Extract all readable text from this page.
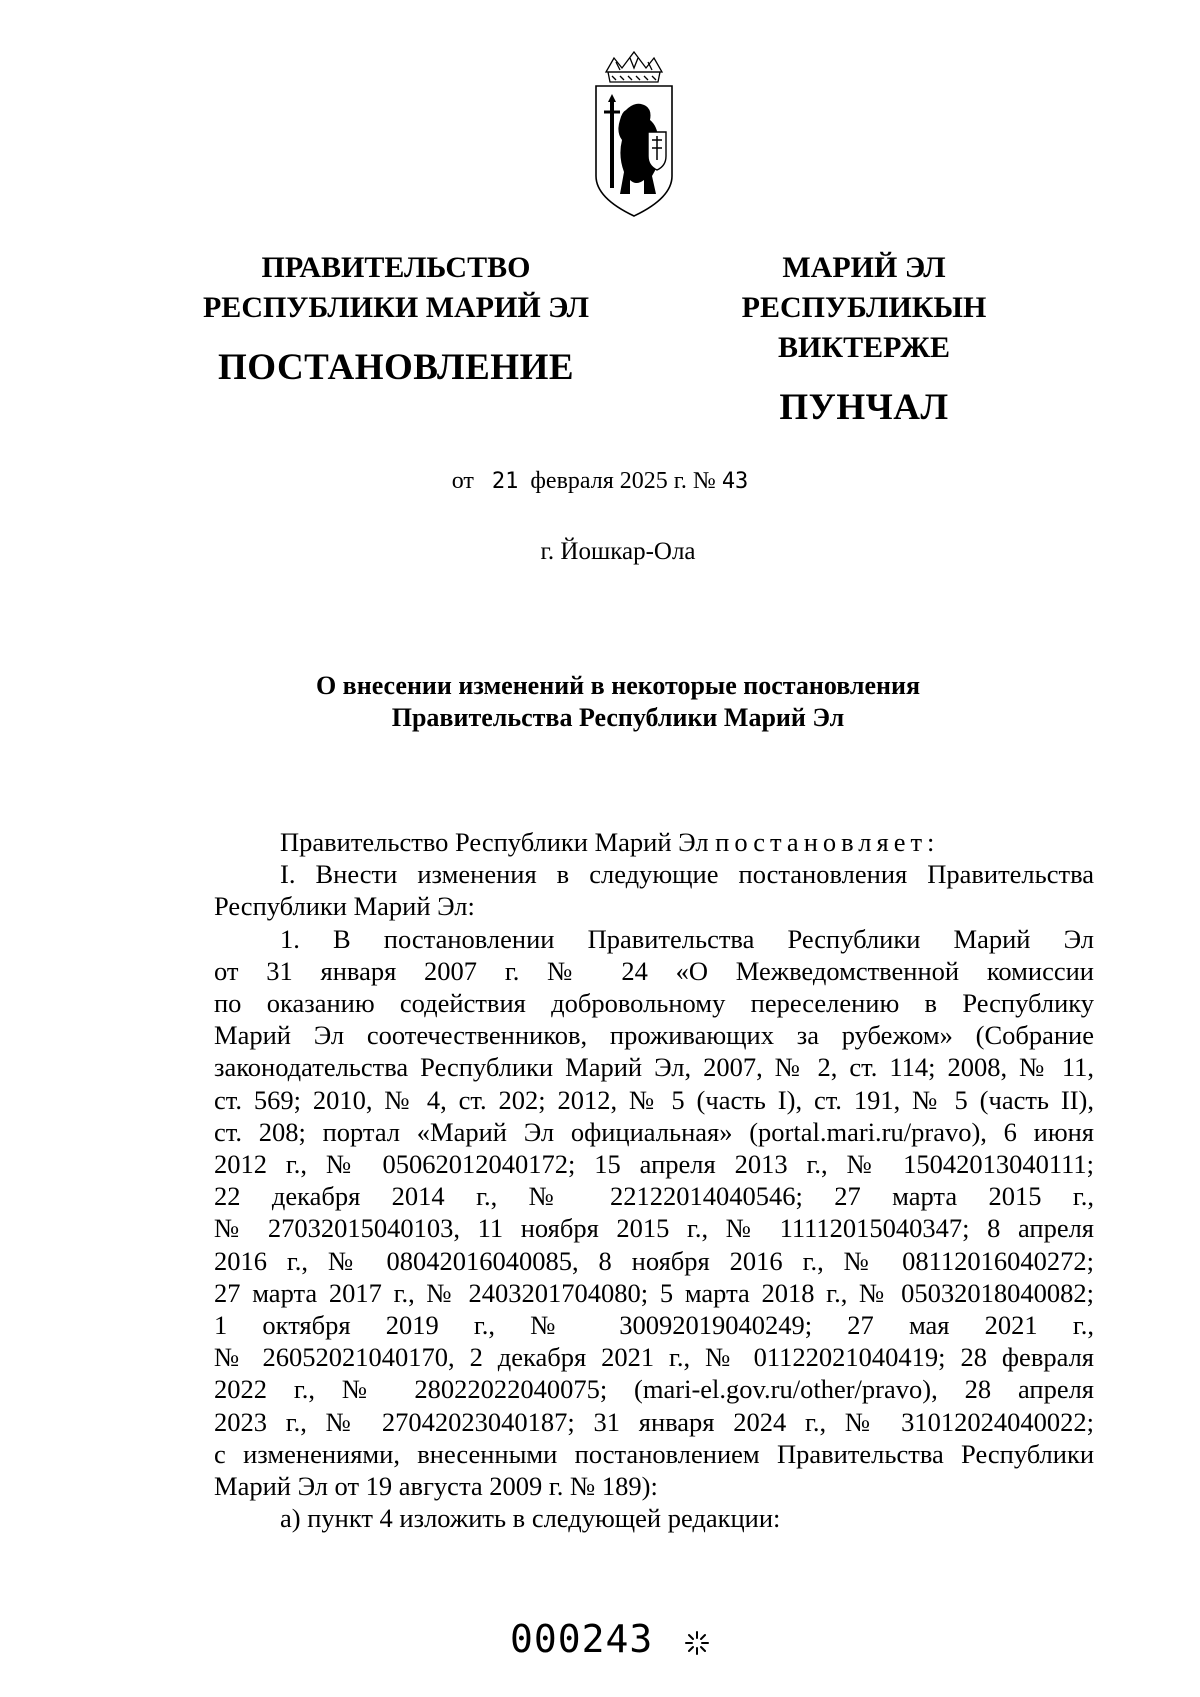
ПРАВИТЕЛЬСТВО
РЕСПУБЛИКИ МАРИЙ ЭЛ
ПОСТАНОВЛЕНИЕ
МАРИЙ ЭЛ РЕСПУБЛИКЫН
ВИКТЕРЖЕ
ПУНЧАЛ
от 21 февраля 2025 г. № 43
г. Йошкар-Ола
О внесении изменений в некоторые постановления
Правительства Республики Марий Эл

Правительство Республики Марий Эл постановляет:

I. Внести изменения в следующие постановления Правительства

Республики Марий Эл:

1. В постановлении Правительства Республики Марий Эл

от 31 января 2007 г. № 24 «О Межведомственной комиссии

по оказанию содействия добровольному переселению в Республику

Марий Эл соотечественников, проживающих за рубежом» (Собрание

законодательства Республики Марий Эл, 2007, № 2, ст. 114; 2008, № 11,

ст. 569; 2010, № 4, ст. 202; 2012, № 5 (часть I), ст. 191, № 5 (часть II),

ст. 208; портал «Марий Эл официальная» (portal.mari.ru/pravo), 6 июня

2012 г., № 05062012040172; 15 апреля 2013 г., № 15042013040111;

22 декабря 2014 г., № 22122014040546; 27 марта 2015 г.,

№ 27032015040103, 11 ноября 2015 г., № 11112015040347; 8 апреля

2016 г., № 08042016040085, 8 ноября 2016 г., № 08112016040272;

27 марта 2017 г., № 2403201704080; 5 марта 2018 г., № 05032018040082;

1 октября 2019 г., № 30092019040249; 27 мая 2021 г.,

№ 26052021040170, 2 декабря 2021 г., № 01122021040419; 28 февраля

2022 г., № 28022022040075; (mari-el.gov.ru/other/pravo), 28 апреля

2023 г., № 27042023040187; 31 января 2024 г., № 31012024040022;

с изменениями, внесенными постановлением Правительства Республики

Марий Эл от 19 августа 2009 г. № 189):

а) пункт 4 изложить в следующей редакции:

000243
